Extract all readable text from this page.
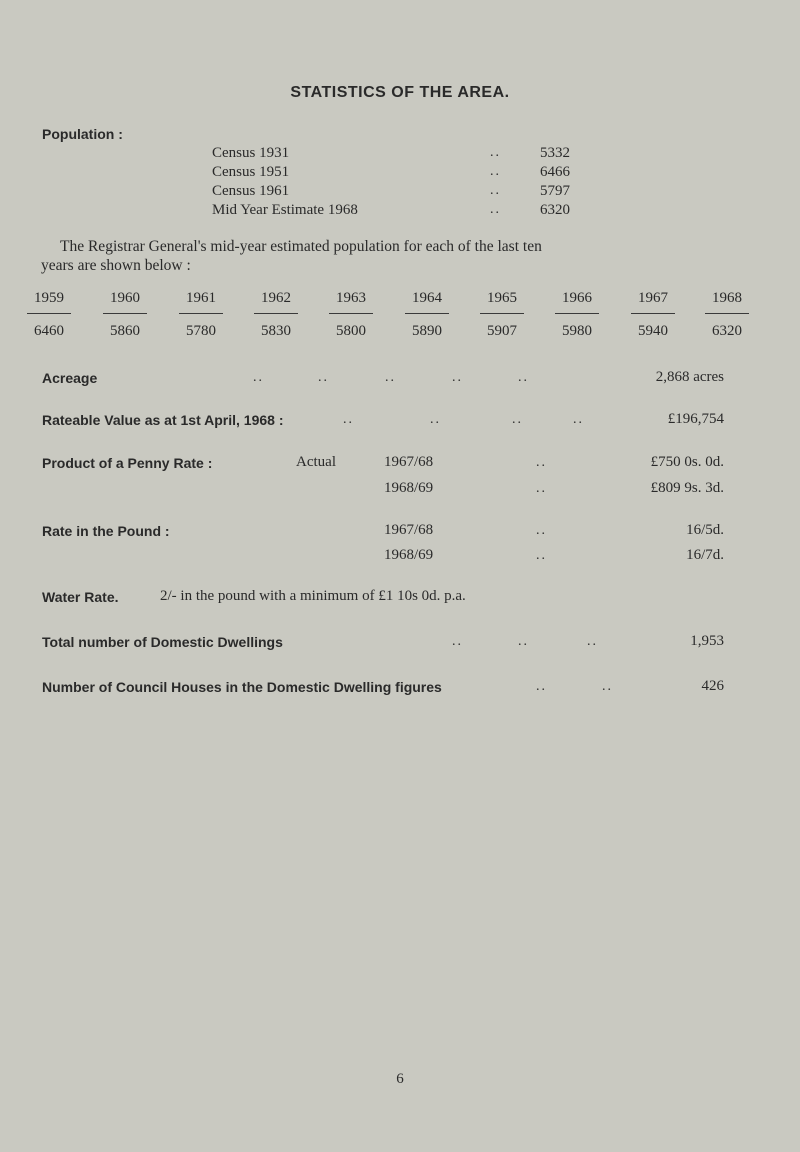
STATISTICS OF THE AREA.
Population :
Census 1931	..	5332
Census 1951	..	6466
Census 1961	..	5797
Mid Year Estimate 1968	..	6320
The Registrar General's mid-year estimated population for each of the last ten
years are shown below :
1959	1960	1961	1962	1963	1964	1965	1966	1967	1968
6460	5860	5780	5830	5800	5890	5907	5980	5940	6320
Acreage	..	..	..	..	..	2,868 acres
Rateable Value as at 1st April, 1968 :	..	..	..	..	£196,754
Product of a Penny Rate :	Actual	1967/68	..	£750 0s. 0d.
1968/69	..	£809 9s. 3d.
Rate in the Pound :	1967/68	..	16/5d.
1968/69	..	16/7d.
Water Rate.	2/- in the pound with a minimum of £1 10s 0d. p.a.
Total number of Domestic Dwellings	..	..	..	1,953
Number of Council Houses in the Domestic Dwelling figures	..	..	426
6
